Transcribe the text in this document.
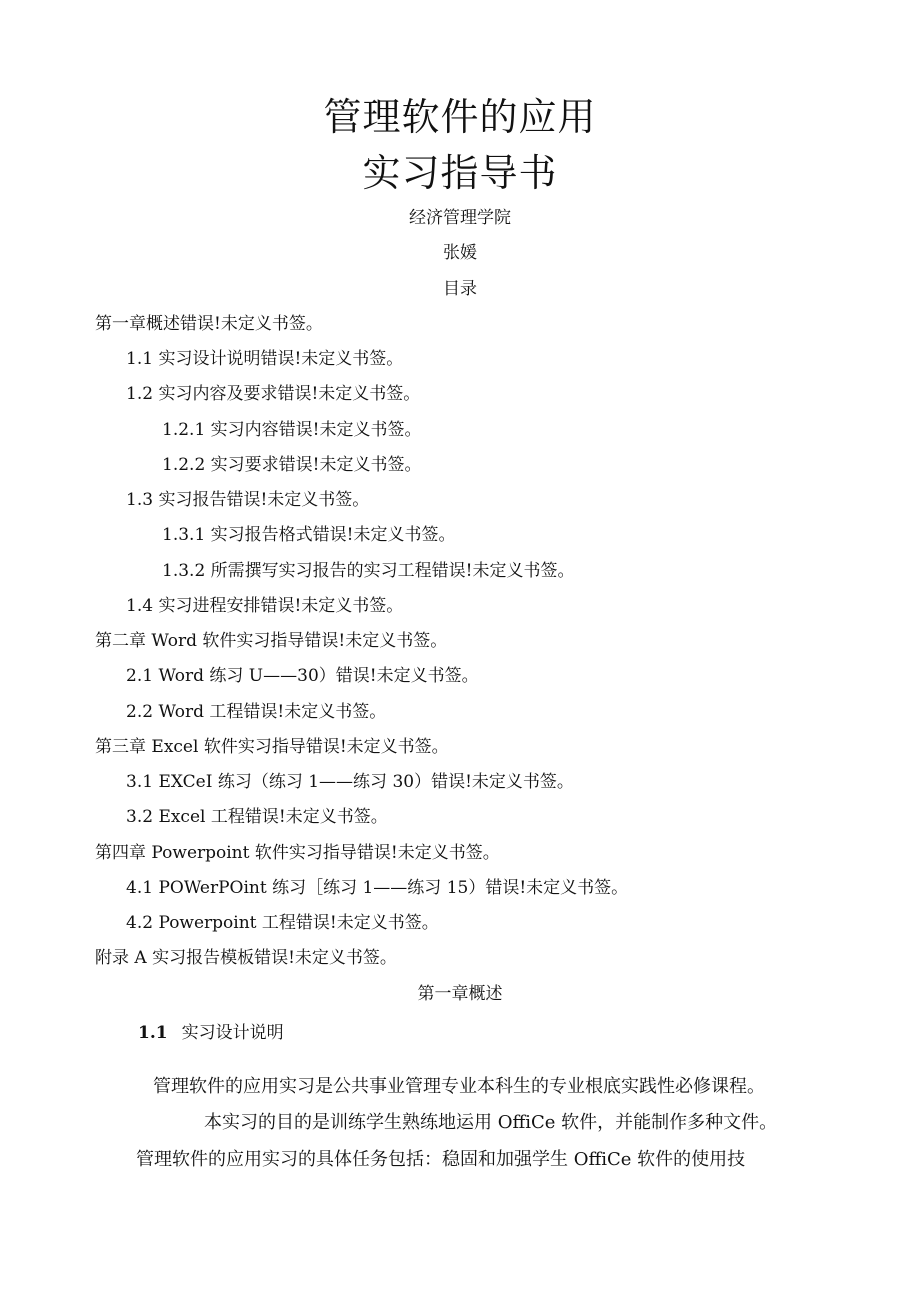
管理软件的应用
实习指导书
经济管理学院
张媛
目录
第一章概述错误!未定义书签。
1.1 实习设计说明错误!未定义书签。
1.2 实习内容及要求错误!未定义书签。
1.2.1 实习内容错误!未定义书签。
1.2.2 实习要求错误!未定义书签。
1.3 实习报告错误!未定义书签。
1.3.1 实习报告格式错误!未定义书签。
1.3.2 所需撰写实习报告的实习工程错误!未定义书签。
1.4 实习进程安排错误!未定义书签。
第二章 Word 软件实习指导错误!未定义书签。
2.1 Word 练习 U——30）错误!未定义书签。
2.2 Word 工程错误!未定义书签。
第三章 Excel 软件实习指导错误!未定义书签。
3.1 EXCeI 练习（练习 1——练习 30）错误!未定义书签。
3.2 Excel 工程错误!未定义书签。
第四章 Powerpoint 软件实习指导错误!未定义书签。
4.1 POWerPOint 练习［练习 1——练习 15）错误!未定义书签。
4.2 Powerpoint 工程错误!未定义书签。
附录 A 实习报告模板错误!未定义书签。
第一章概述
1.1 实习设计说明
管理软件的应用实习是公共事业管理专业本科生的专业根底实践性必修课程。
本实习的目的是训练学生熟练地运用 OffiCe 软件，并能制作多种文件。
管理软件的应用实习的具体任务包括：稳固和加强学生 OffiCe 软件的使用技
